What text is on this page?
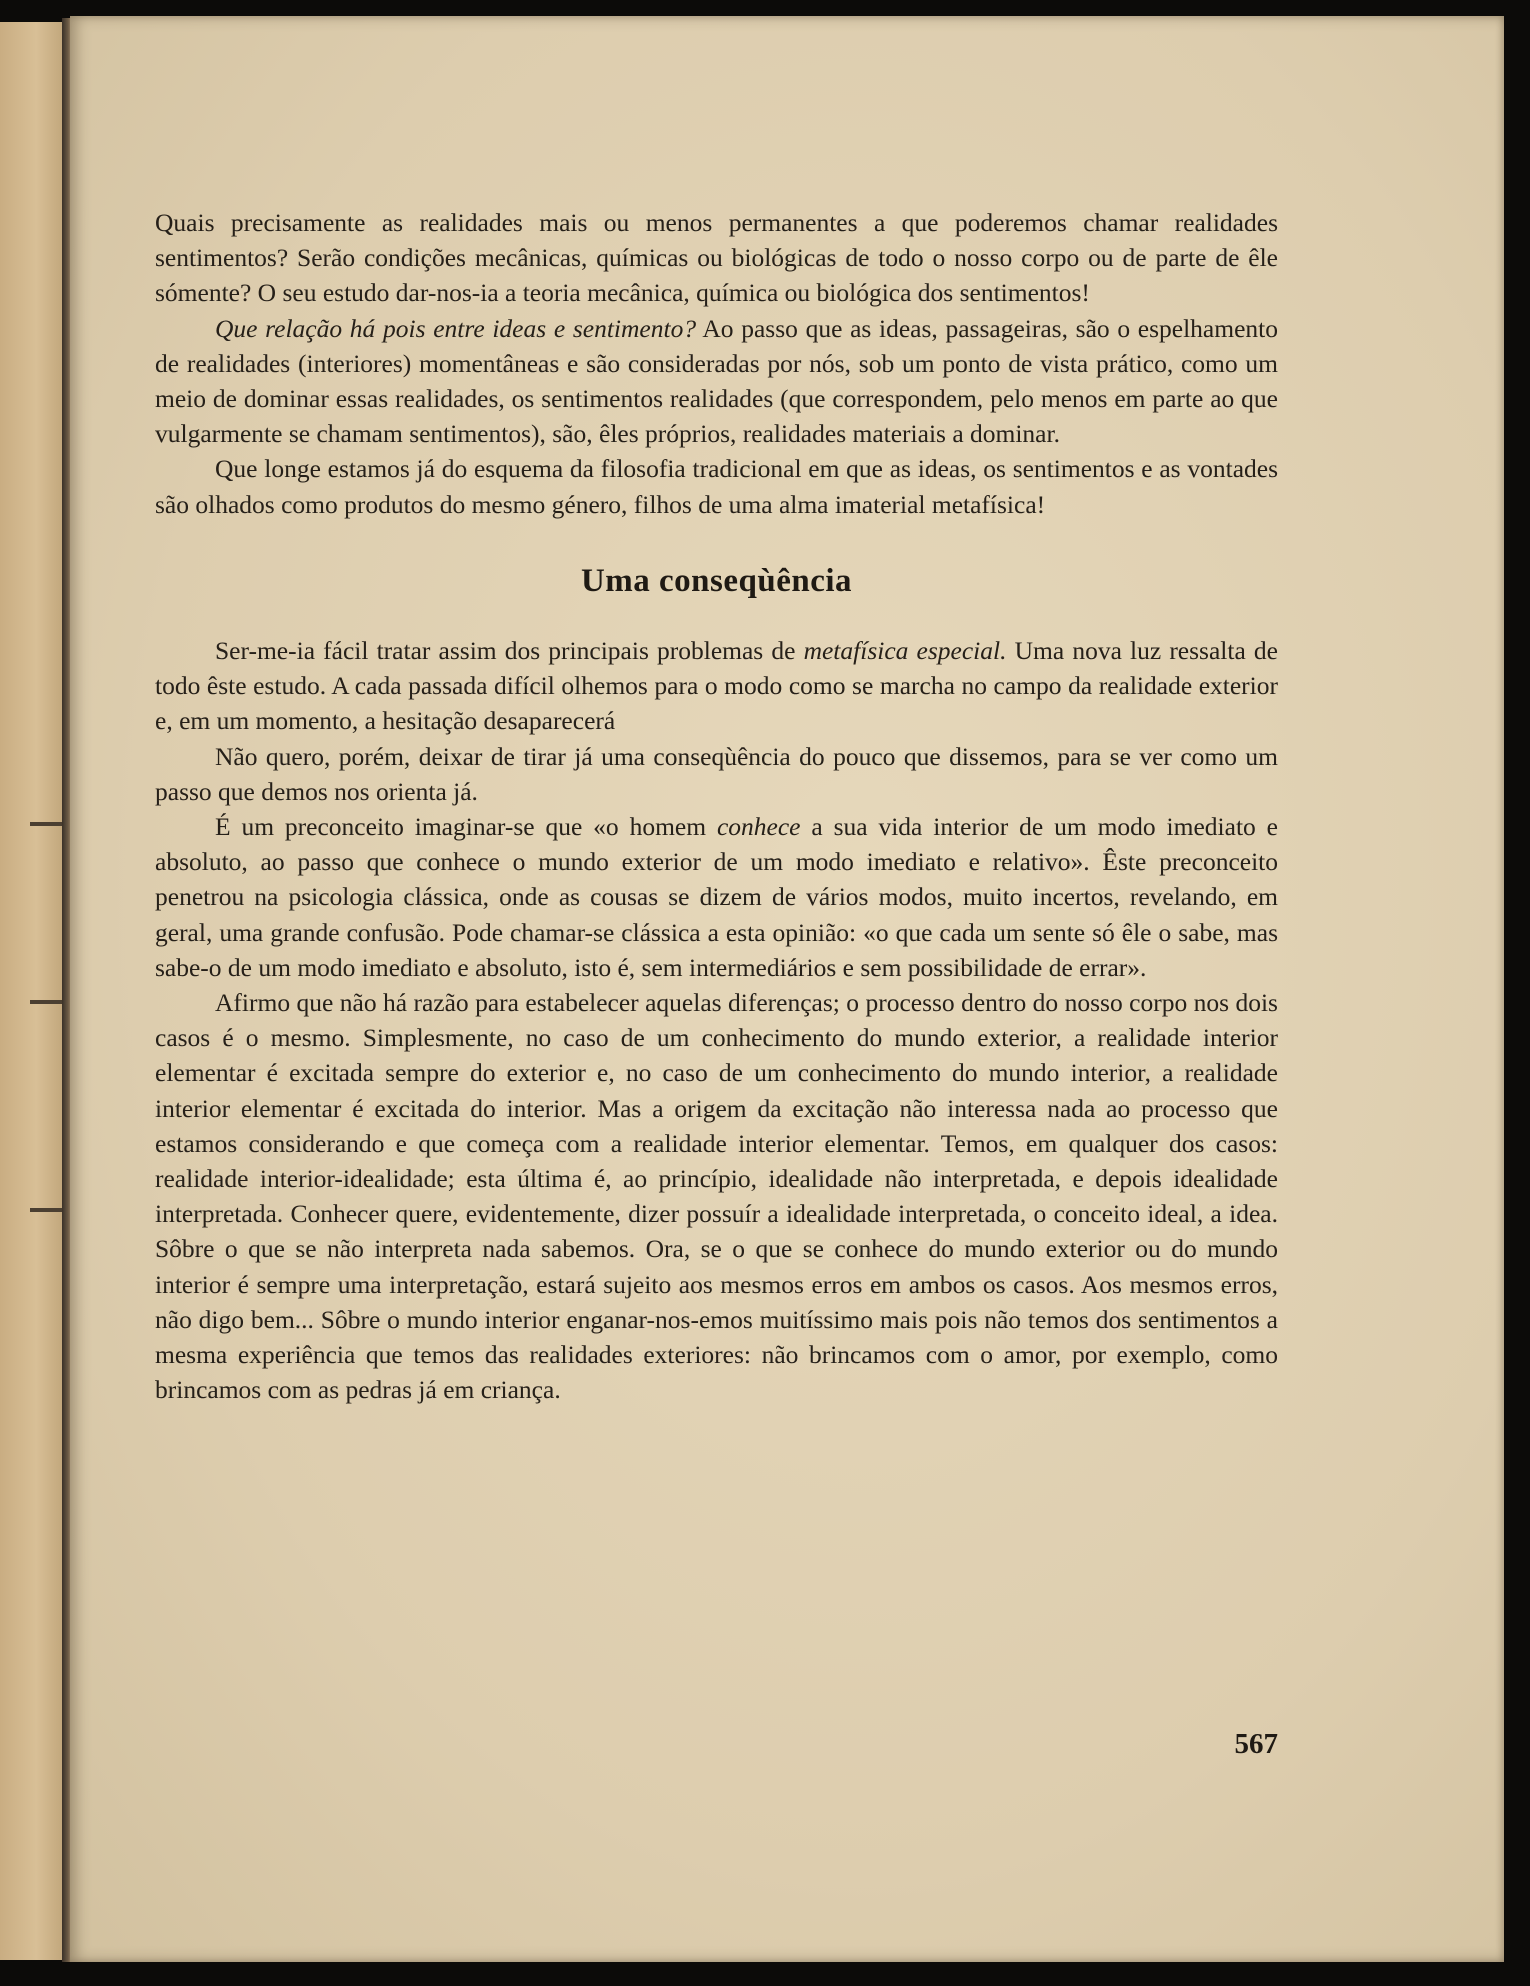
Quais precisamente as realidades mais ou menos permanentes a que poderemos chamar realidades sentimentos? Serão condições mecânicas, químicas ou biológicas de todo o nosso corpo ou de parte de êle sómente? O seu estudo dar-nos-ia a teoria mecânica, química ou biológica dos sentimentos!

Que relação há pois entre ideas e sentimento? Ao passo que as ideas, passageiras, são o espelhamento de realidades (interiores) momentâneas e são consideradas por nós, sob um ponto de vista prático, como um meio de dominar essas realidades, os sentimentos realidades (que correspondem, pelo menos em parte ao que vulgarmente se chamam sentimentos), são, êles próprios, realidades materiais a dominar.

Que longe estamos já do esquema da filosofia tradicional em que as ideas, os sentimentos e as vontades são olhados como produtos do mesmo género, filhos de uma alma imaterial metafísica!

Uma conseqùência

Ser-me-ia fácil tratar assim dos principais problemas de metafísica especial. Uma nova luz ressalta de todo êste estudo. A cada passada difícil olhemos para o modo como se marcha no campo da realidade exterior e, em um momento, a hesitação desaparecerá

Não quero, porém, deixar de tirar já uma conseqùência do pouco que dissemos, para se ver como um passo que demos nos orienta já.

É um preconceito imaginar-se que «o homem conhece a sua vida interior de um modo imediato e absoluto, ao passo que conhece o mundo exterior de um modo imediato e relativo». Êste preconceito penetrou na psicologia clássica, onde as cousas se dizem de vários modos, muito incertos, revelando, em geral, uma grande confusão. Pode chamar-se clássica a esta opinião: «o que cada um sente só êle o sabe, mas sabe-o de um modo imediato e absoluto, isto é, sem intermediários e sem possibilidade de errar».

Afirmo que não há razão para estabelecer aquelas diferenças; o processo dentro do nosso corpo nos dois casos é o mesmo. Simplesmente, no caso de um conhecimento do mundo exterior, a realidade interior elementar é excitada sempre do exterior e, no caso de um conhecimento do mundo interior, a realidade interior elementar é excitada do interior. Mas a origem da excitação não interessa nada ao processo que estamos considerando e que começa com a realidade interior elementar. Temos, em qualquer dos casos: realidade interior-idealidade; esta última é, ao princípio, idealidade não interpretada, e depois idealidade interpretada. Conhecer quere, evidentemente, dizer possuír a idealidade interpretada, o conceito ideal, a idea. Sôbre o que se não interpreta nada sabemos. Ora, se o que se conhece do mundo exterior ou do mundo interior é sempre uma interpretação, estará sujeito aos mesmos erros em ambos os casos. Aos mesmos erros, não digo bem... Sôbre o mundo interior enganar-nos-emos muitíssimo mais pois não temos dos sentimentos a mesma experiência que temos das realidades exteriores: não brincamos com o amor, por exemplo, como brincamos com as pedras já em criança.

567
